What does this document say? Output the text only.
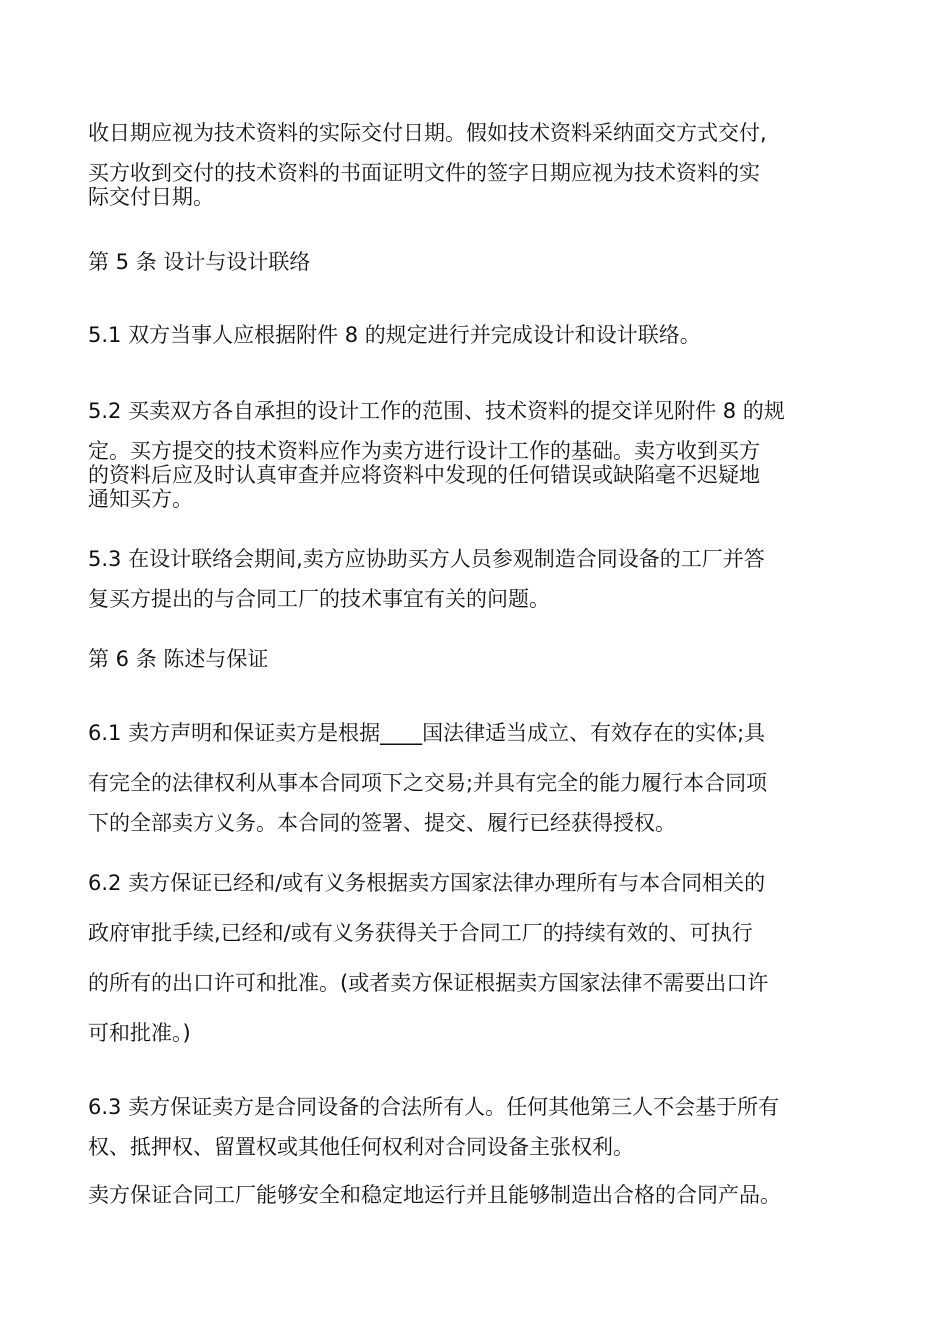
收日期应视为技术资料的实际交付日期。假如技术资料采纳面交方式交付,
买方收到交付的技术资料的书面证明文件的签字日期应视为技术资料的实
际交付日期。
第 5 条 设计与设计联络
5.1 双方当事人应根据附件 8 的规定进行并完成设计和设计联络。
5.2 买卖双方各自承担的设计工作的范围、技术资料的提交详见附件 8 的规
定。买方提交的技术资料应作为卖方进行设计工作的基础。卖方收到买方
的资料后应及时认真审查并应将资料中发现的任何错误或缺陷毫不迟疑地
通知买方。
5.3 在设计联络会期间,卖方应协助买方人员参观制造合同设备的工厂并答
复买方提出的与合同工厂的技术事宜有关的问题。
第 6 条 陈述与保证
6.1 卖方声明和保证卖方是根据____国法律适当成立、有效存在的实体;具
有完全的法律权利从事本合同项下之交易;并具有完全的能力履行本合同项
下的全部卖方义务。本合同的签署、提交、履行已经获得授权。
6.2 卖方保证已经和/或有义务根据卖方国家法律办理所有与本合同相关的
政府审批手续,已经和/或有义务获得关于合同工厂的持续有效的、可执行
的所有的出口许可和批准。(或者卖方保证根据卖方国家法律不需要出口许
可和批准。)
6.3 卖方保证卖方是合同设备的合法所有人。任何其他第三人不会基于所有
权、抵押权、留置权或其他任何权利对合同设备主张权利。
卖方保证合同工厂能够安全和稳定地运行并且能够制造出合格的合同产品。
